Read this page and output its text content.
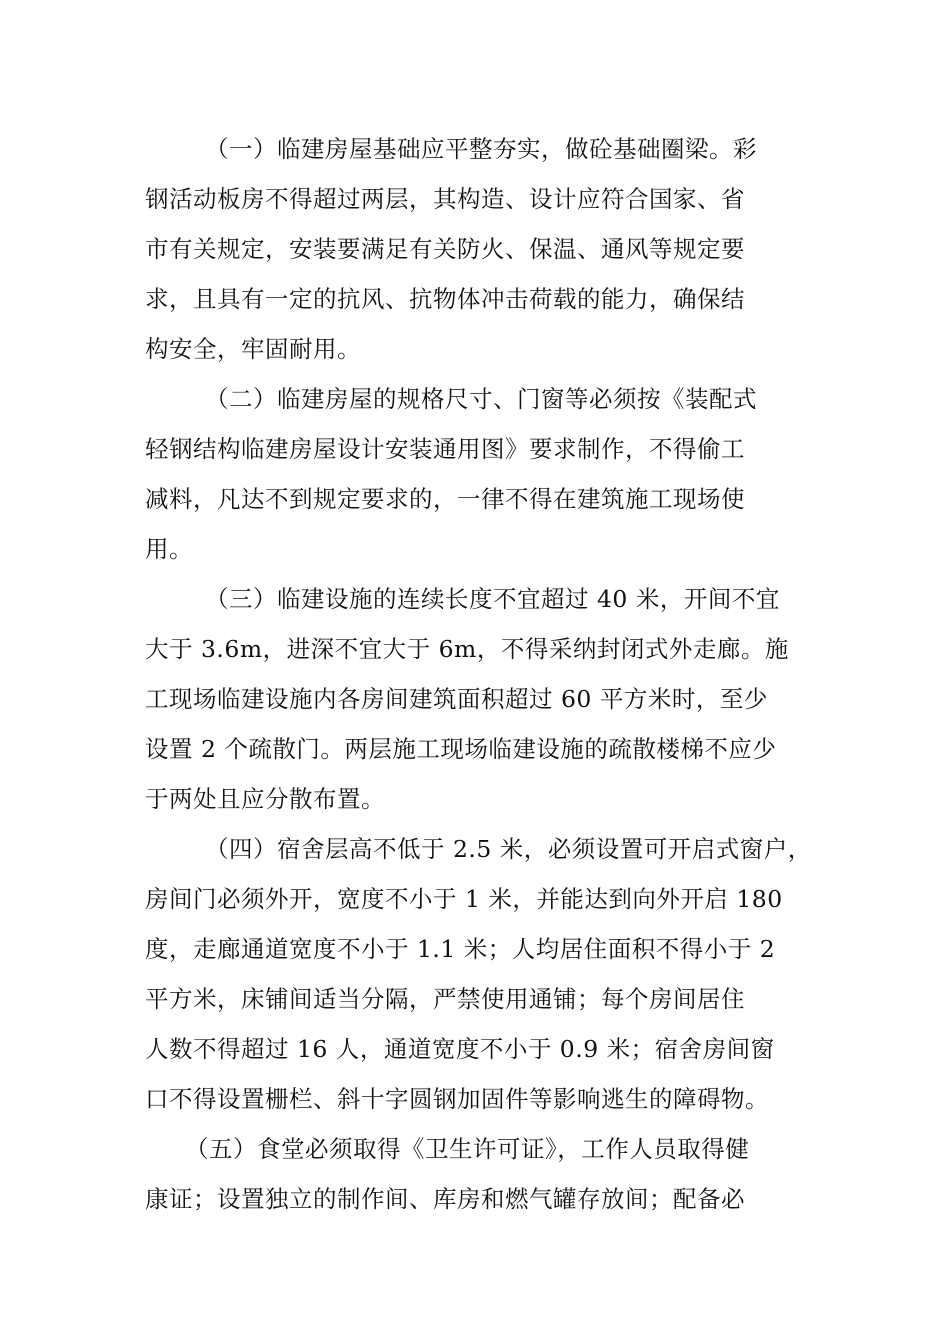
（一）临建房屋基础应平整夯实，做砼基础圈梁。彩
钢活动板房不得超过两层，其构造、设计应符合国家、省
市有关规定，安装要满足有关防火、保温、通风等规定要
求，且具有一定的抗风、抗物体冲击荷载的能力，确保结
构安全，牢固耐用。
（二）临建房屋的规格尺寸、门窗等必须按《装配式
轻钢结构临建房屋设计安装通用图》要求制作，不得偷工
减料，凡达不到规定要求的，一律不得在建筑施工现场使
用。
（三）临建设施的连续长度不宜超过 40 米，开间不宜
大于 3.6m，进深不宜大于 6m，不得采纳封闭式外走廊。施
工现场临建设施内各房间建筑面积超过 60 平方米时，至少
设置 2 个疏散门。两层施工现场临建设施的疏散楼梯不应少
于两处且应分散布置。
（四）宿舍层高不低于 2.5 米，必须设置可开启式窗户，
房间门必须外开，宽度不小于 1 米，并能达到向外开启 180
度，走廊通道宽度不小于 1.1 米；人均居住面积不得小于 2
平方米，床铺间适当分隔，严禁使用通铺；每个房间居住
人数不得超过 16 人，通道宽度不小于 0.9 米；宿舍房间窗
口不得设置栅栏、斜十字圆钢加固件等影响逃生的障碍物。
（五）食堂必须取得《卫生许可证》，工作人员取得健
康证；设置独立的制作间、库房和燃气罐存放间；配备必
